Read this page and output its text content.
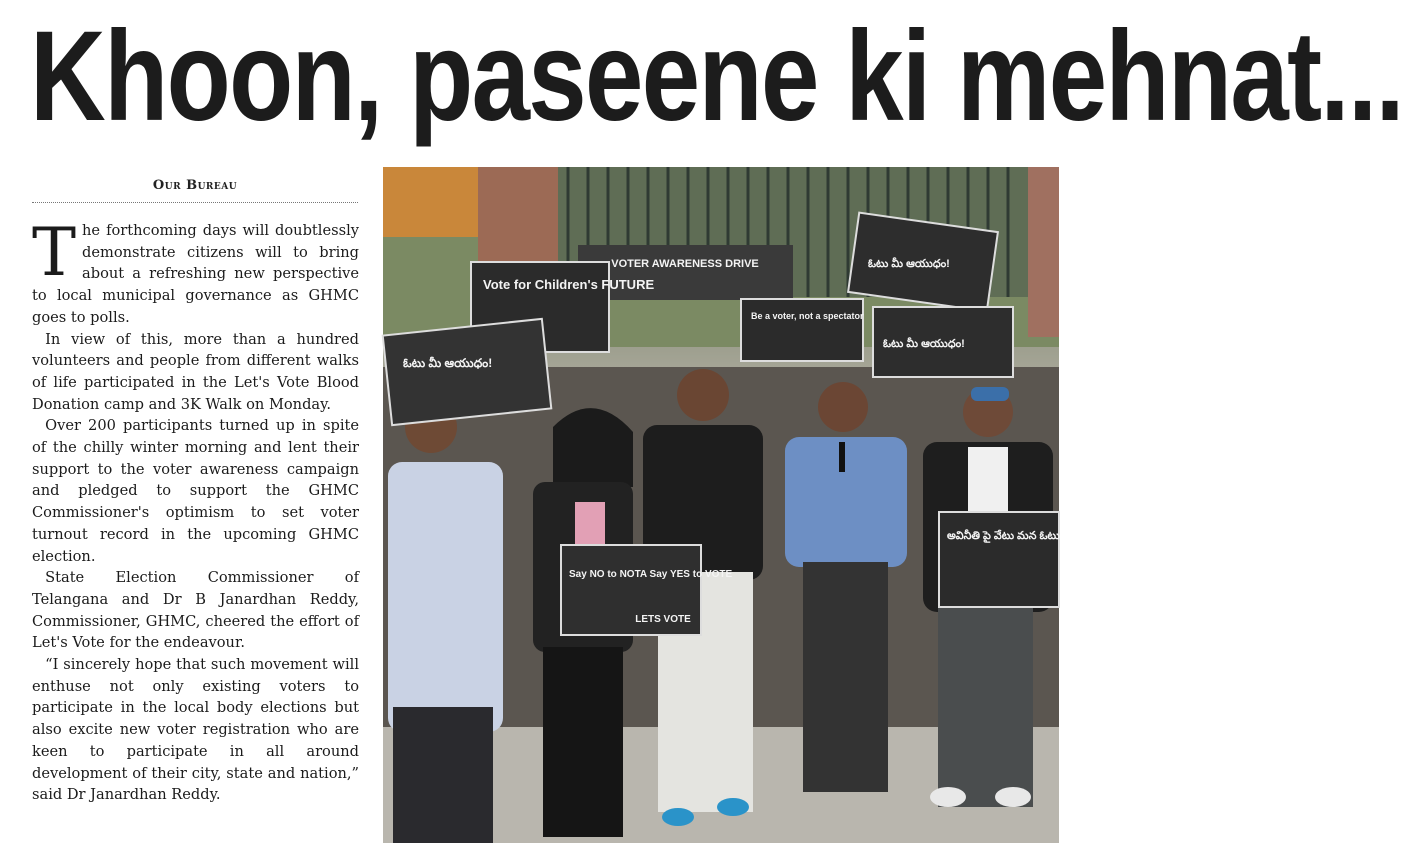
Khoon, paseene ki mehnat...
Our Bureau

The forthcoming days will doubtlessly demonstrate citizens will to bring about a refreshing new perspective to local municipal governance as GHMC goes to polls.

In view of this, more than a hundred volunteers and people from different walks of life participated in the Let's Vote Blood Donation camp and 3K Walk on Monday.

Over 200 participants turned up in spite of the chilly winter morning and lent their support to the voter awareness campaign and pledged to support the GHMC Commissioner's optimism to set voter turnout record in the upcoming GHMC election.

State Election Commissioner of Telangana and Dr B Janardhan Reddy, Commissioner, GHMC, cheered the effort of Let's Vote for the endeavour.

“I sincerely hope that such movement will enthuse not only existing voters to participate in the local body elections but also excite new voter registration who are keen to participate in all around development of their city, state and nation,” said Dr Janardhan Reddy.

VOTER AWARENESS DRIVE
Vote for Children's FUTURE
ఓటు మీ ఆయుధం!
Be a voter, not a spectator
ఓటు మీ ఆయుధం!
ఓటు మీ ఆయుధం!
Say NO to NOTA Say YES to VOTE
LETS VOTE
అవినీతి పై వేటు మన ఓటు
